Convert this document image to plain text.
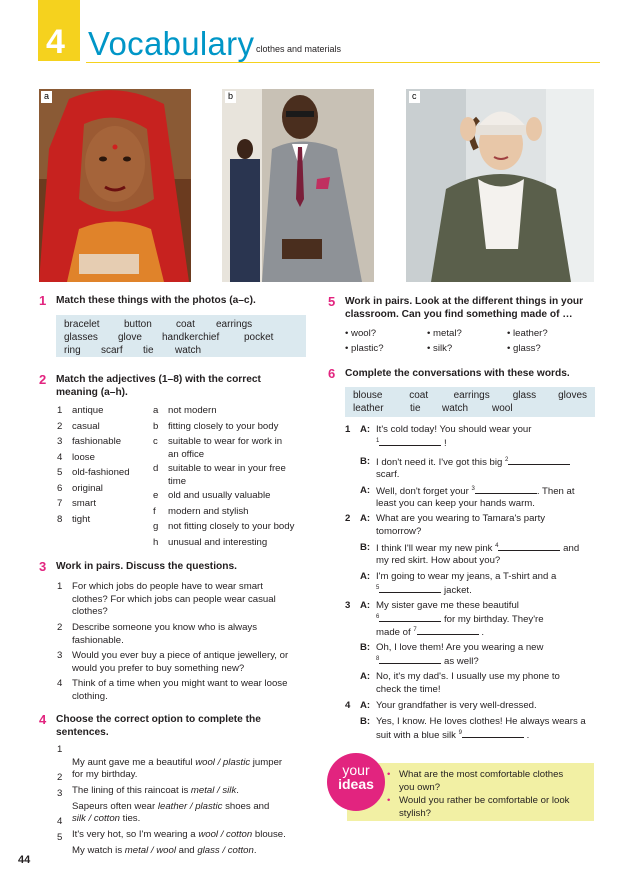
4 Vocabulary clothes and materials
a	b	c
1 Match these things with the photos (a–c).
bracelet	button	coat	earrings
glasses	glove	handkerchief	pocket
ring	scarf	tie	watch
2 Match the adjectives (1–8) with the correct
meaning (a–h).
1 antique
2 casual
3 fashionable
4 loose
5 old-fashioned
6 original
7 smart
8 tight
a not modern
b fitting closely to your body
c suitable to wear for work in
an office
d suitable to wear in your free
time
e old and usually valuable
f modern and stylish
g not fitting closely to your body
h unusual and interesting
3 Work in pairs. Discuss the questions.
1 For which jobs do people have to wear smart
clothes? For which jobs can people wear casual
clothes?
2 Describe someone you know who is always
fashionable.
3 Would you ever buy a piece of antique jewellery, or
would you prefer to buy something new?
4 Think of a time when you might want to wear loose
clothing.
4 Choose the correct option to complete the
sentences.
1
My aunt gave me a beautiful wool / plastic jumper
for my birthday.
2
The lining of this raincoat is metal / silk.
3
Sapeurs often wear leather / plastic shoes and
silk / cotton ties.
4
It's very hot, so I'm wearing a wool / cotton blouse.
5
My watch is metal / wool and glass / cotton.
5 Work in pairs. Look at the different things in your
classroom. Can you find something made of …
• wool?	• metal?	• leather?
• plastic?	• silk?	• glass?
6 Complete the conversations with these words.
blouse	coat	earrings	glass	gloves
leather	tie	watch	wool
1 A: It's cold today! You should wear your
$^1$	!
B: I don't need it. I've got this big $^2$
scarf.
A: Well, don't forget your $^3$	. Then at
least you can keep your hands warm.
2 A: What are you wearing to Tamara's party
tomorrow?
B: I think I'll wear my new pink $^4$	and
my red skirt. How about you?
A: I'm going to wear my jeans, a T-shirt and a
$^5$	jacket.
3 A: My sister gave me these beautiful
$^6$	for my birthday. They're
made of $^7$	.
B: Oh, I love them! Are you wearing a new
$^8$	as well?
A: No, it's my dad's. I usually use my phone to
check the time!
4 A: Your grandfather is very well-dressed.
B: Yes, I know. He loves clothes! He always wears a
suit with a blue silk $^9$	.
• What are the most comfortable clothes
you own?
• Would you rather be comfortable or look
stylish?
your
ideas
44
